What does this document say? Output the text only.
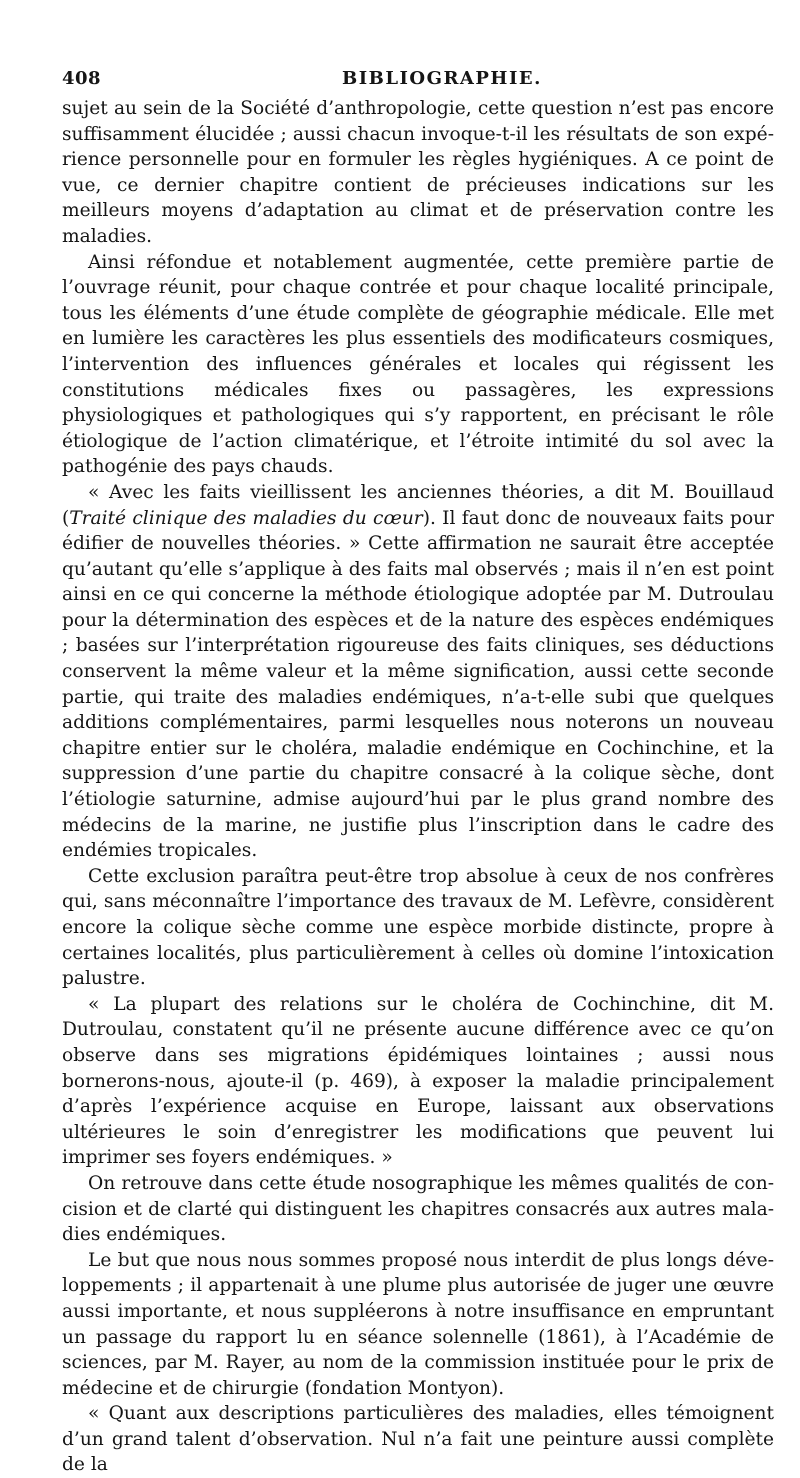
408	BIBLIOGRAPHIE.

sujet au sein de la Société d’anthropologie, cette question n’est pas encore suffisamment élucidée ; aussi chacun invoque-t-il les résultats de son expérience personnelle pour en formuler les règles hygiéniques. A ce point de vue, ce dernier chapitre contient de précieuses indications sur les meilleurs moyens d’adaptation au climat et de préservation contre les maladies.

Ainsi réfondue et notablement augmentée, cette première partie de l’ouvrage réunit, pour chaque contrée et pour chaque localité principale, tous les éléments d’une étude complète de géographie médicale. Elle met en lumière les caractères les plus essentiels des modificateurs cosmiques, l’intervention des influences générales et locales qui régissent les constitutions médicales fixes ou passagères, les expressions physiologiques et pathologiques qui s’y rapportent, en précisant le rôle étiologique de l’action climatérique, et l’étroite intimité du sol avec la pathogénie des pays chauds.

« Avec les faits vieillissent les anciennes théories, a dit M. Bouillaud (Traité clinique des maladies du cœur). Il faut donc de nouveaux faits pour édifier de nouvelles théories. » Cette affirmation ne saurait être acceptée qu’autant qu’elle s’applique à des faits mal observés ; mais il n’en est point ainsi en ce qui concerne la méthode étiologique adoptée par M. Dutroulau pour la détermination des espèces et de la nature des espèces endémiques ; basées sur l’interprétation rigoureuse des faits cliniques, ses déductions conservent la même valeur et la même signification, aussi cette seconde partie, qui traite des maladies endémiques, n’a-t-elle subi que quelques additions complémentaires, parmi lesquelles nous noterons un nouveau chapitre entier sur le choléra, maladie endémique en Cochinchine, et la suppression d’une partie du chapitre consacré à la colique sèche, dont l’étiologie saturnine, admise aujourd’hui par le plus grand nombre des médecins de la marine, ne justifie plus l’inscription dans le cadre des endémies tropicales.

Cette exclusion paraîtra peut-être trop absolue à ceux de nos confrères qui, sans méconnaître l’importance des travaux de M. Lefèvre, considèrent encore la colique sèche comme une espèce morbide distincte, propre à certaines localités, plus particulièrement à celles où domine l’intoxication palustre.

« La plupart des relations sur le choléra de Cochinchine, dit M. Dutroulau, constatent qu’il ne présente aucune différence avec ce qu’on observe dans ses migrations épidémiques lointaines ; aussi nous bornerons-nous, ajoute-il (p. 469), à exposer la maladie principalement d’après l’expérience acquise en Europe, laissant aux observations ultérieures le soin d’enregistrer les modifications que peuvent lui imprimer ses foyers endémiques. »

On retrouve dans cette étude nosographique les mêmes qualités de concision et de clarté qui distinguent les chapitres consacrés aux autres maladies endémiques.

Le but que nous nous sommes proposé nous interdit de plus longs développements ; il appartenait à une plume plus autorisée de juger une œuvre aussi importante, et nous suppléerons à notre insuffisance en empruntant un passage du rapport lu en séance solennelle (1861), à l’Académie de sciences, par M. Rayer, au nom de la commission instituée pour le prix de médecine et de chirurgie (fondation Montyon).

« Quant aux descriptions particulières des maladies, elles témoignent d’un grand talent d’observation. Nul n’a fait une peinture aussi complète de la
